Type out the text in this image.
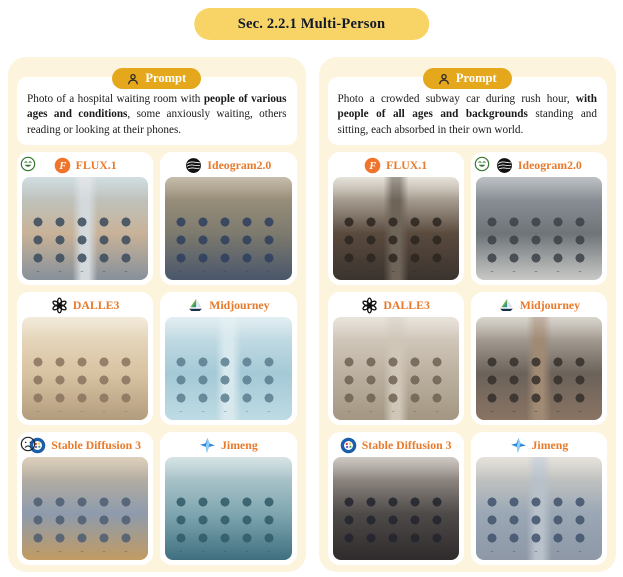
Sec. 2.2.1 Multi-Person
Prompt

Photo of a hospital waiting room with people of various ages and conditions, some anxiously waiting, others reading or looking at their phones.

F FLUX.1	Ideogram2.0
DALLE3	Midjourney
Stable Diffusion 3	Jimeng
Prompt

Photo a crowded subway car during rush hour, with people of all ages and backgrounds standing and sitting, each absorbed in their own world.

F FLUX.1	Ideogram2.0
DALLE3	Midjourney
Stable Diffusion 3	Jimeng
